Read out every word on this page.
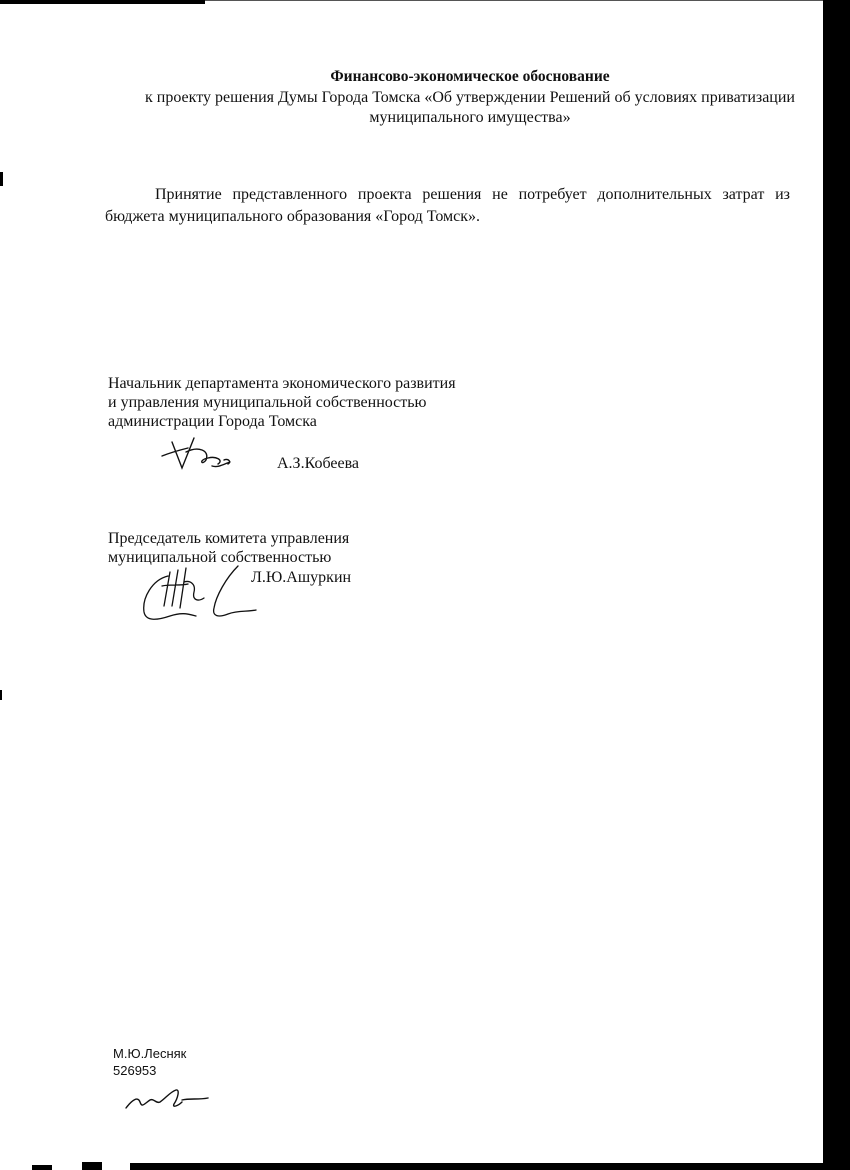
Финансово-экономическое обоснование
к проекту решения Думы Города Томска «Об утверждении Решений об условиях приватизации муниципального имущества»
Принятие представленного проекта решения не потребует дополнительных затрат из бюджета муниципального образования «Город Томск».
Начальник департамента экономического развития
и управления муниципальной собственностью
администрации Города Томска
А.З.Кобеева
Председатель комитета управления
муниципальной собственностью
Л.Ю.Ашуркин
М.Ю.Лесняк
526953
